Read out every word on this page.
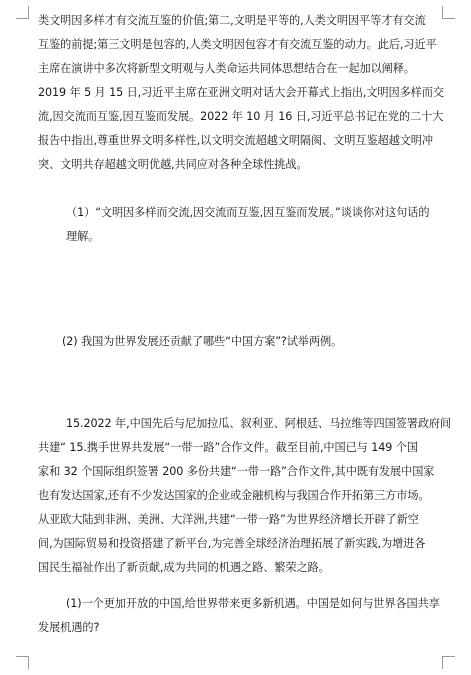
类文明因多样才有交流互鉴的价值;第二,文明是平等的,人类文明因平等才有交流
互鉴的前提;第三文明是包容的,人类文明因包容才有交流互鉴的动力。此后,习近平
主席在演讲中多次将新型文明观与人类命运共同体思想结合在一起加以阐释。
2019 年 5 月 15 日,习近平主席在亚洲文明对话大会开幕式上指出,文明因多样而交
流,因交流而互鉴,因互鉴而发展。2022 年 10 月 16 日,习近平总书记在党的二十大
报告中指出,尊重世界文明多样性,以文明交流超越文明隔阂、文明互鉴超越文明冲
突、文明共存超越文明优越,共同应对各种全球性挑战。

（1）“文明因多样而交流,因交流而互鉴,因互鉴而发展。”谈谈你对这句话的
理解。

(2) 我国为世界发展还贡献了哪些“中国方案”?试举两例。

15.2022 年,中国先后与尼加拉瓜、叙利亚、阿根廷、马拉维等四国签署政府间
共建“ 15.携手世界共发展“一带一路”合作文件。截至目前,中国已与 149 个国
家和 32 个国际组织签署 200 多份共建“一带一路”合作文件,其中既有发展中国家
也有发达国家,还有不少发达国家的企业或金融机构与我国合作开拓第三方市场。
从亚欧大陆到非洲、美洲、大洋洲,共建“一带一路”为世界经济增长开辟了新空
间,为国际贸易和投资搭建了新平台,为完善全球经济治理拓展了新实践,为增进各
国民生福祉作出了新贡献,成为共同的机遇之路、繁荣之路。

(1)一个更加开放的中国,给世界带来更多新机遇。中国是如何与世界各国共享
发展机遇的?
